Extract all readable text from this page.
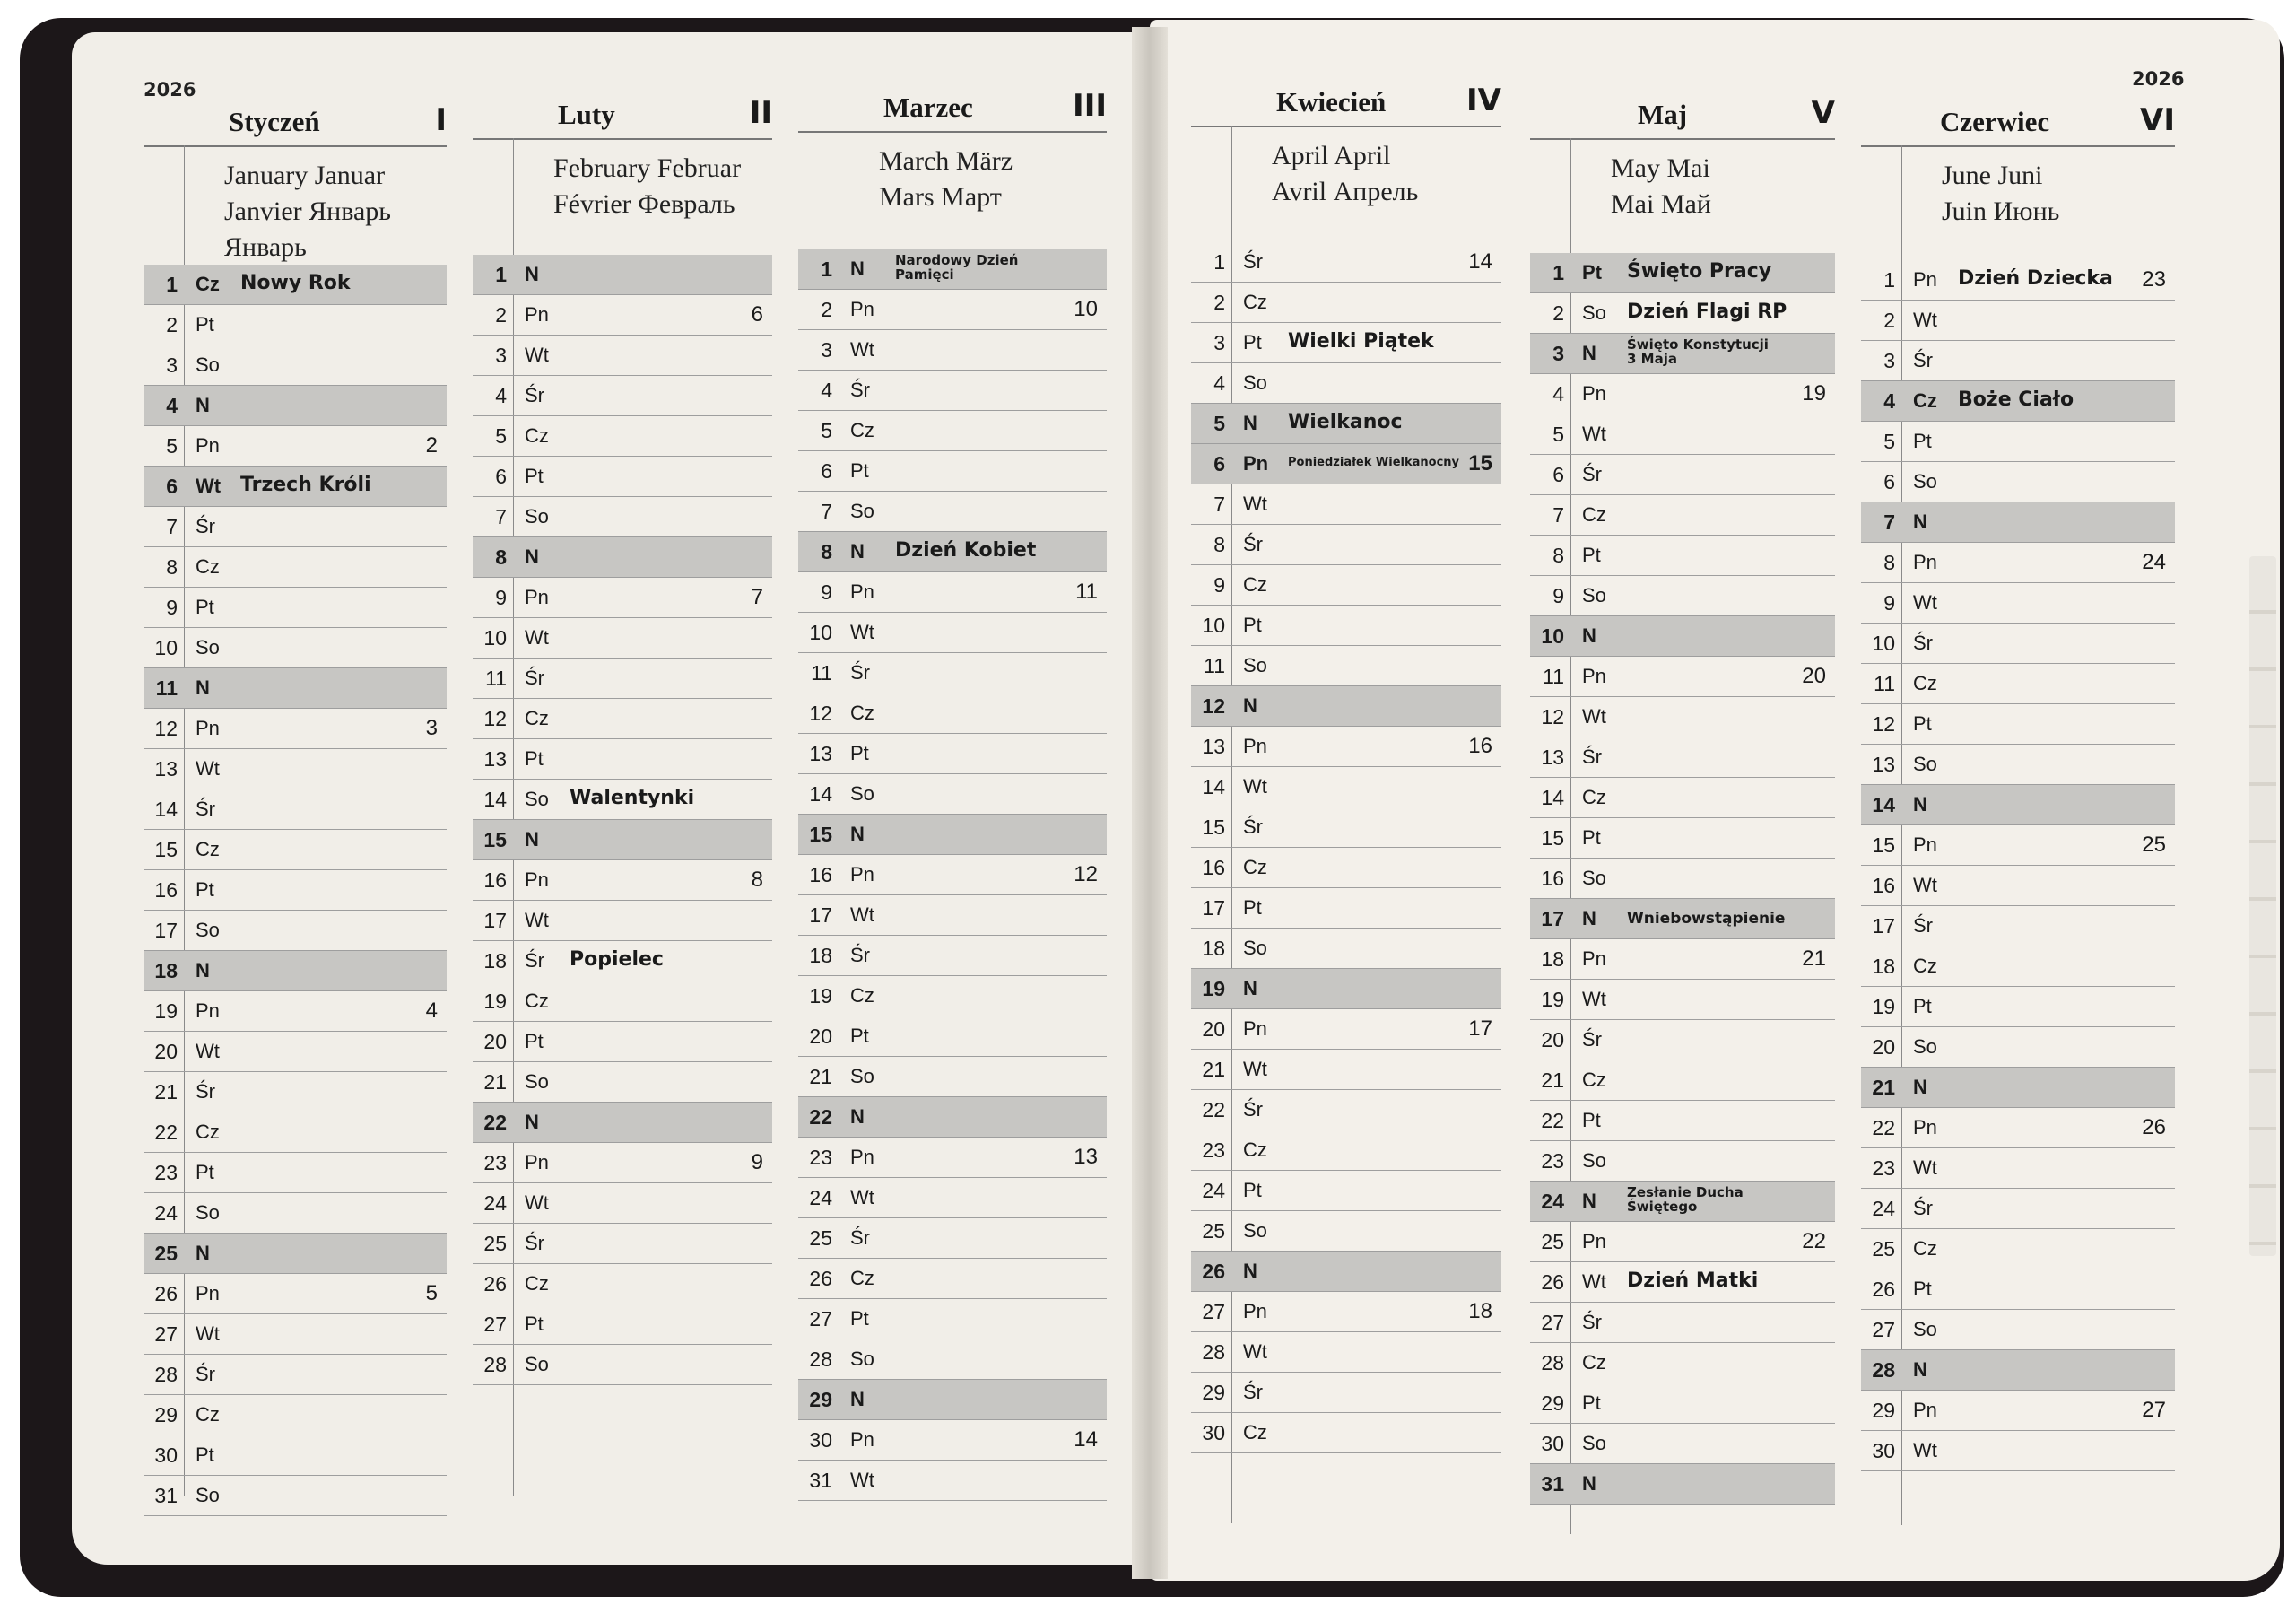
2026	2026
Styczeń	I
January Januar
Janvier Январь
Январь
1 Cz Nowy Rok
2 Pt
3 So
4 N
5 Pn	2
6 Wt Trzech Króli
7 Śr
8 Cz
9 Pt
10 So
11 N
12 Pn	3
13 Wt
14 Śr
15 Cz
16 Pt
17 So
18 N
19 Pn	4
20 Wt
21 Śr
22 Cz
23 Pt
24 So
25 N
26 Pn	5
27 Wt
28 Śr
29 Cz
30 Pt
31 So
Luty	II
February Februar
Février Февраль
1 N
2 Pn	6
3 Wt
4 Śr
5 Cz
6 Pt
7 So
8 N
9 Pn	7
10 Wt
11 Śr
12 Cz
13 Pt
14 So Walentynki
15 N
16 Pn	8
17 Wt
18 Śr Popielec
19 Cz
20 Pt
21 So
22 N
23 Pn	9
24 Wt
25 Śr
26 Cz
27 Pt
28 So
Marzec	III
March März
Mars Март
1 N Narodowy Dzień
Pamięci
2 Pn	10
3 Wt
4 Śr
5 Cz
6 Pt
7 So
8 N Dzień Kobiet
9 Pn	11
10 Wt
11 Śr
12 Cz
13 Pt
14 So
15 N
16 Pn	12
17 Wt
18 Śr
19 Cz
20 Pt
21 So
22 N
23 Pn	13
24 Wt
25 Śr
26 Cz
27 Pt
28 So
29 N
30 Pn	14
31 Wt
Kwiecień	IV
April April
Avril Апрель
1 Śr	14
2 Cz
3 Pt Wielki Piątek
4 So
5 N Wielkanoc
6 Pn Poniedziałek Wielkanocny 15
7 Wt
8 Śr
9 Cz
10 Pt
11 So
12 N
13 Pn	16
14 Wt
15 Śr
16 Cz
17 Pt
18 So
19 N
20 Pn	17
21 Wt
22 Śr
23 Cz
24 Pt
25 So
26 N
27 Pn	18
28 Wt
29 Śr
30 Cz
Maj	V
May Mai
Mai Май
1 Pt Święto Pracy
2 So Dzień Flagi RP
3 N Święto Konstytucji
3 Maja
4 Pn	19
5 Wt
6 Śr
7 Cz
8 Pt
9 So
10 N
11 Pn	20
12 Wt
13 Śr
14 Cz
15 Pt
16 So
17 N Wniebowstąpienie
18 Pn	21
19 Wt
20 Śr
21 Cz
22 Pt
23 So
24 N Zesłanie Ducha
Świętego
25 Pn	22
26 Wt Dzień Matki
27 Śr
28 Cz
29 Pt
30 So
31 N
Czerwiec	VI
June Juni
Juin Июнь
1 Pn Dzień Dziecka 23
2 Wt
3 Śr
4 Cz Boże Ciało
5 Pt
6 So
7 N
8 Pn	24
9 Wt
10 Śr
11 Cz
12 Pt
13 So
14 N
15 Pn	25
16 Wt
17 Śr
18 Cz
19 Pt
20 So
21 N
22 Pn	26
23 Wt
24 Śr
25 Cz
26 Pt
27 So
28 N
29 Pn	27
30 Wt
